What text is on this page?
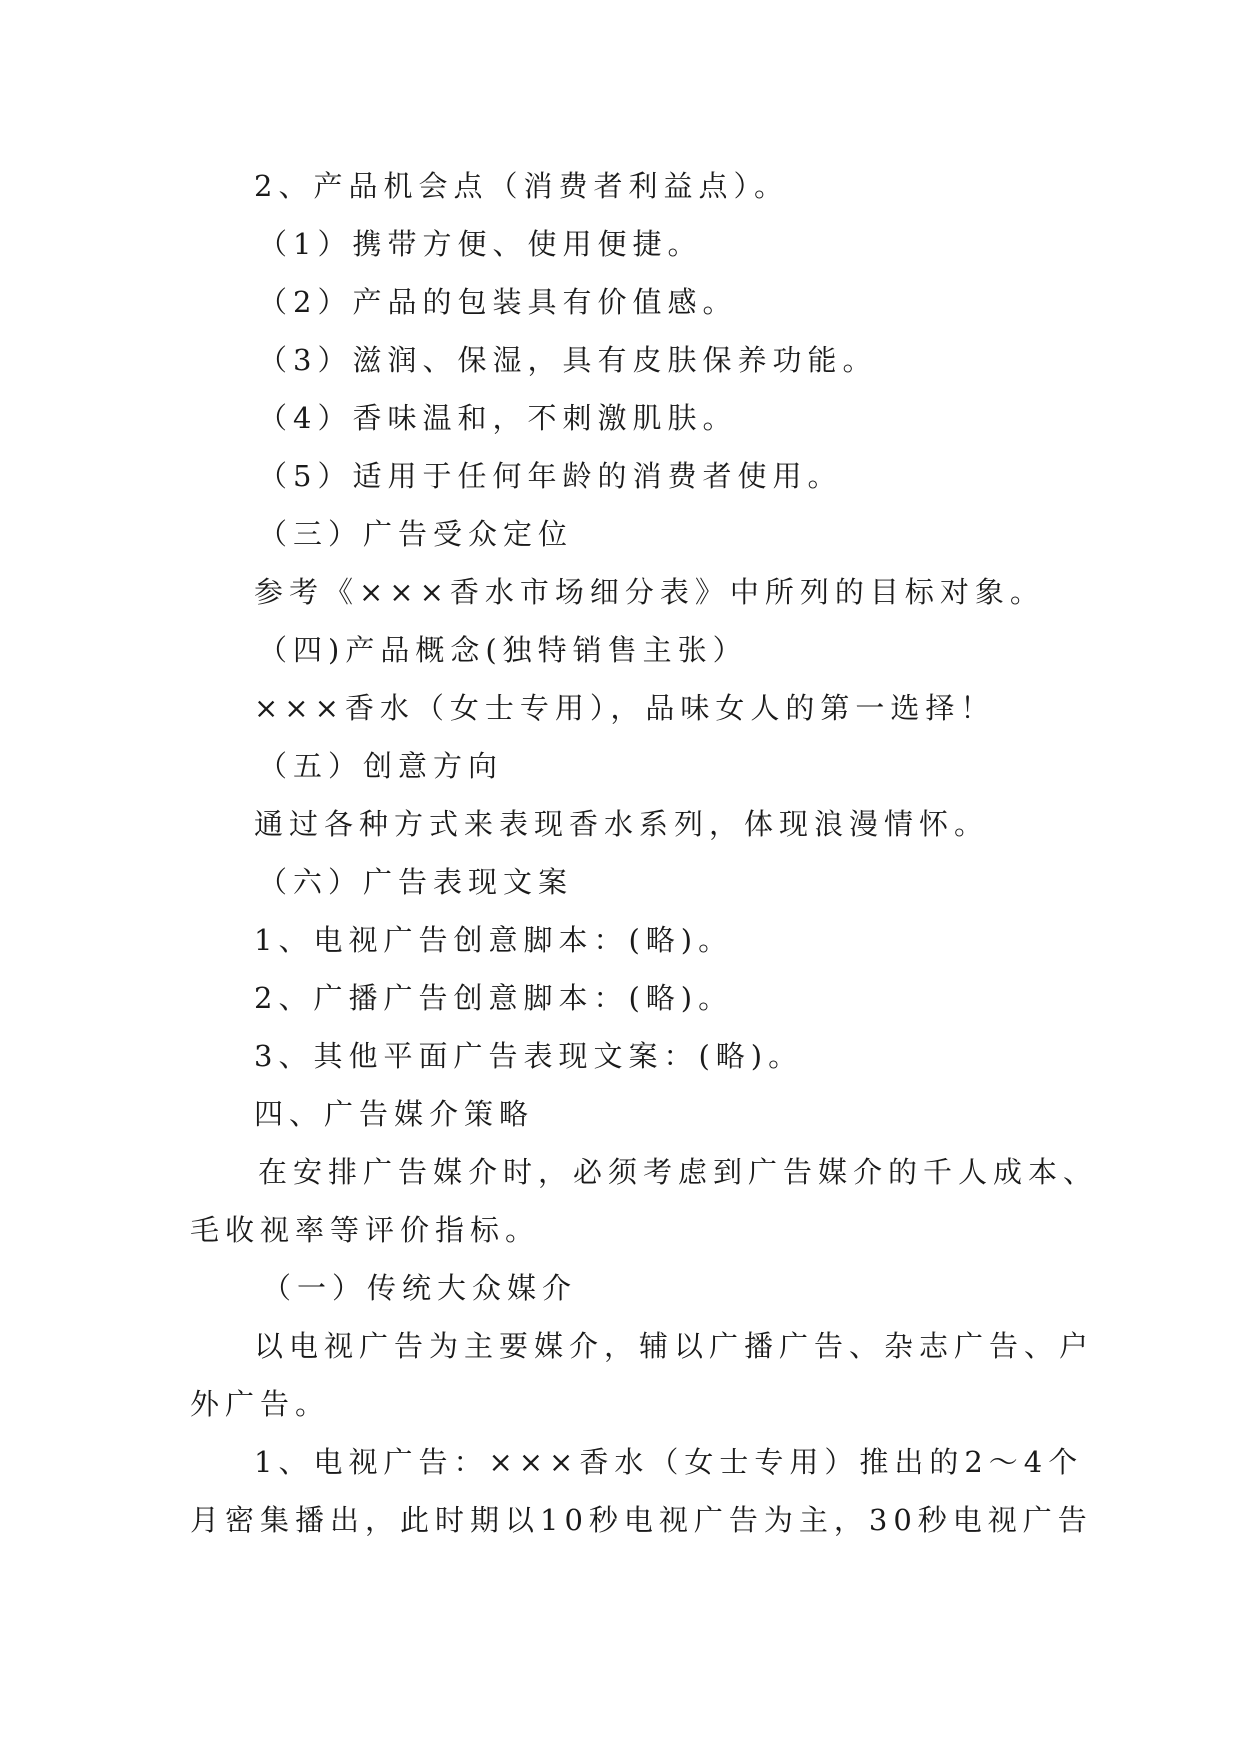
2、产品机会点（消费者利益点）。

（1）携带方便、使用便捷。

（2）产品的包装具有价值感。

（3）滋润、保湿，具有皮肤保养功能。

（4）香味温和，不刺激肌肤。

（5）适用于任何年龄的消费者使用。

（三）广告受众定位

参考《×××香水市场细分表》中所列的目标对象。

（四)产品概念(独特销售主张）

×××香水（女士专用），品味女人的第一选择！

（五）创意方向

通过各种方式来表现香水系列，体现浪漫情怀。

（六）广告表现文案

1、电视广告创意脚本：(略)。

2、广播广告创意脚本：(略)。

3、其他平面广告表现文案：(略)。

四、广告媒介策略

在安排广告媒介时，必须考虑到广告媒介的千人成本、

毛收视率等评价指标。

（一）传统大众媒介

以电视广告为主要媒介，辅以广播广告、杂志广告、户

外广告。

1、电视广告：×××香水（女士专用）推出的2～4个

月密集播出，此时期以10秒电视广告为主，30秒电视广告
